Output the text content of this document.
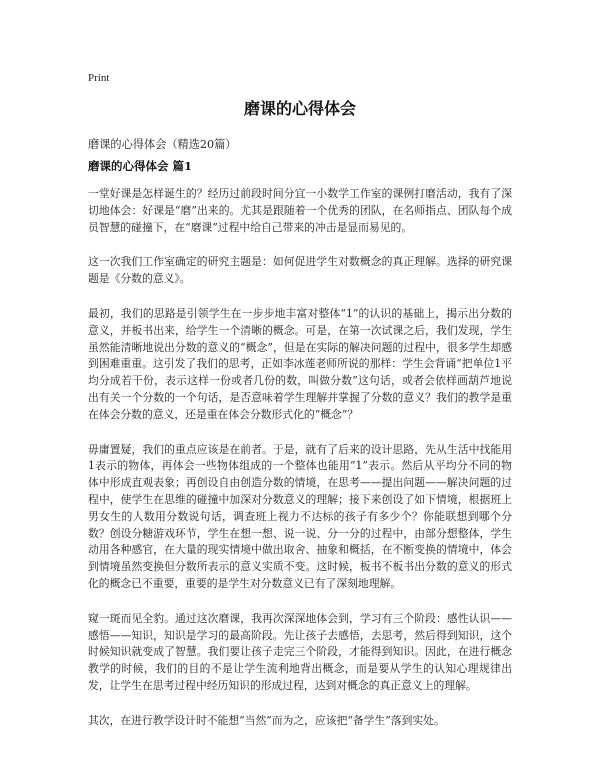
Print
磨课的心得体会

磨课的心得体会（精选20篇）

磨课的心得体会 篇1

一堂好课是怎样诞生的？经历过前段时间分宜一小数学工作室的课例打磨活动，我有了深切地体会：好课是“磨”出来的。尤其是跟随着一个优秀的团队，在名师指点、团队每个成员智慧的碰撞下，在“磨课”过程中给自己带来的冲击是显而易见的。

这一次我们工作室确定的研究主题是：如何促进学生对数概念的真正理解。选择的研究课题是《分数的意义》。

最初，我们的思路是引领学生在一步步地丰富对整体“1”的认识的基础上，揭示出分数的意义，并板书出来，给学生一个清晰的概念。可是，在第一次试课之后，我们发现，学生虽然能清晰地说出分数的意义的“概念”，但是在实际的解决问题的过程中，很多学生却感到困难重重。这引发了我们的思考，正如李冰莲老师所说的那样：学生会背诵“把单位1平均分成若干份，表示这样一份或者几份的数，叫做分数”这句话，或者会依样画葫芦地说出有关一个分数的一个句话，是否意味着学生理解并掌握了分数的意义？我们的教学是重在体会分数的意义，还是重在体会分数形式化的“概念”？

毋庸置疑，我们的重点应该是在前者。于是，就有了后来的设计思路，先从生活中找能用1表示的物体，再体会一些物体组成的一个整体也能用“1”表示。然后从平均分不同的物体中形成直观表象；再创设自由创造分数的情境，在思考——提出问题——解决问题的过程中，使学生在思维的碰撞中加深对分数意义的理解；接下来创设了如下情境，根据班上男女生的人数用分数说句话，调查班上视力不达标的孩子有多少个？你能联想到哪个分数？创设分糖游戏环节，学生在想一想、说一说、分一分的过程中，由部分想整体，学生动用各种感官，在大量的现实情境中做出取舍、抽象和概括，在不断变换的情境中，体会到情境虽然变换但分数所表示的意义实质不变。这时候，板书不板书出分数的意义的形式化的概念已不重要，重要的是学生对分数意义已有了深刻地理解。

窥一斑而见全豹。通过这次磨课，我再次深深地体会到，学习有三个阶段：感性认识——感悟——知识，知识是学习的最高阶段。先让孩子去感悟，去思考，然后得到知识，这个时候知识就变成了智慧。我们要让孩子走完三个阶段，才能得到知识。因此，在进行概念教学的时候，我们的目的不是让学生流利地背出概念，而是要从学生的认知心理规律出发，让学生在思考过程中经历知识的形成过程，达到对概念的真正意义上的理解。

其次，在进行教学设计时不能想“当然”而为之，应该把“备学生”落到实处。
